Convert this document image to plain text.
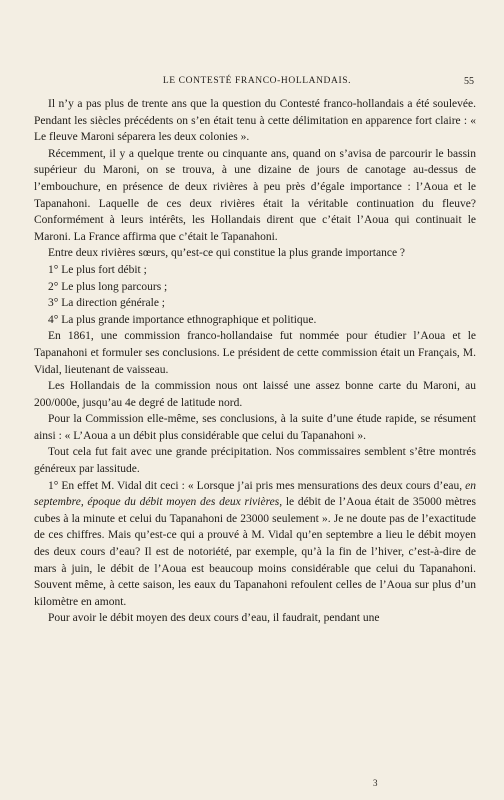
LE CONTESTÉ FRANCO-HOLLANDAIS.	55

Il n’y a pas plus de trente ans que la question du Contesté franco-hollandais a été soulevée. Pendant les siècles précédents on s’en était tenu à cette délimitation en apparence fort claire : « Le fleuve Maroni séparera les deux colonies ».

Récemment, il y a quelque trente ou cinquante ans, quand on s’avisa de parcourir le bassin supérieur du Maroni, on se trouva, à une dizaine de jours de canotage au-dessus de l’embouchure, en présence de deux rivières à peu près d’égale importance : l’Aoua et le Tapanahoni. Laquelle de ces deux rivières était la véritable continuation du fleuve? Conformément à leurs intérêts, les Hollandais dirent que c’était l’Aoua qui continuait le Maroni. La France affirma que c’était le Tapanahoni.

Entre deux rivières sœurs, qu’est-ce qui constitue la plus grande importance ?

1° Le plus fort débit ;

2° Le plus long parcours ;

3° La direction générale ;

4° La plus grande importance ethnographique et politique.

En 1861, une commission franco-hollandaise fut nommée pour étudier l’Aoua et le Tapanahoni et formuler ses conclusions. Le président de cette commission était un Français, M. Vidal, lieutenant de vaisseau.

Les Hollandais de la commission nous ont laissé une assez bonne carte du Maroni, au 200/000e, jusqu’au 4e degré de latitude nord.

Pour la Commission elle-même, ses conclusions, à la suite d’une étude rapide, se résument ainsi : « L’Aoua a un débit plus considérable que celui du Tapanahoni ».

Tout cela fut fait avec une grande précipitation. Nos commissaires semblent s’être montrés généreux par lassitude.

1° En effet M. Vidal dit ceci : « Lorsque j’ai pris mes mensurations des deux cours d’eau, en septembre, époque du débit moyen des deux rivières, le débit de l’Aoua était de 35000 mètres cubes à la minute et celui du Tapanahoni de 23000 seulement ». Je ne doute pas de l’exactitude de ces chiffres. Mais qu’est-ce qui a prouvé à M. Vidal qu’en septembre a lieu le débit moyen des deux cours d’eau? Il est de notoriété, par exemple, qu’à la fin de l’hiver, c’est-à-dire de mars à juin, le débit de l’Aoua est beaucoup moins considérable que celui du Tapanahoni. Souvent même, à cette saison, les eaux du Tapanahoni refoulent celles de l’Aoua sur plus d’un kilomètre en amont.

Pour avoir le débit moyen des deux cours d’eau, il faudrait, pendant une

3
